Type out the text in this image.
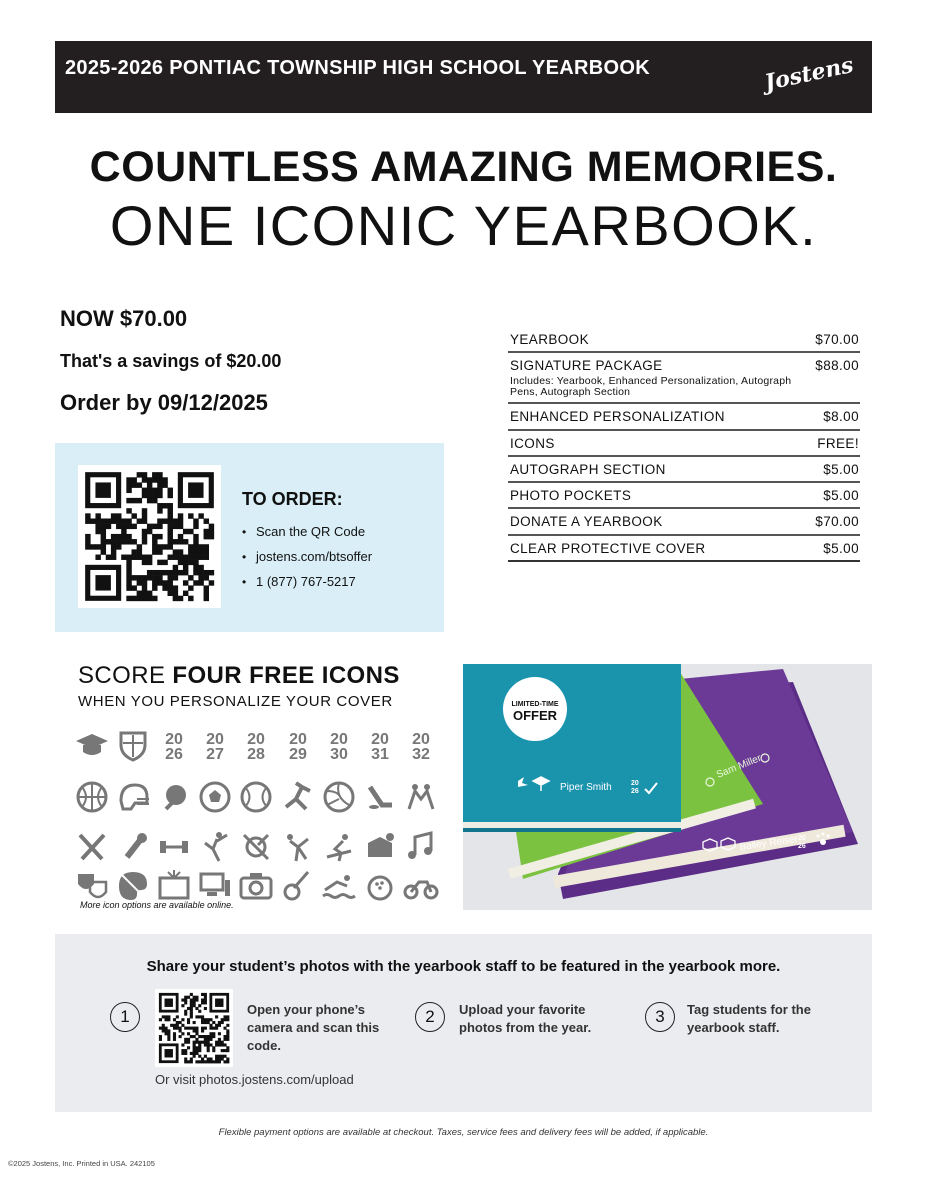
2025-2026 PONTIAC TOWNSHIP HIGH SCHOOL YEARBOOK	Jostens
COUNTLESS AMAZING MEMORIES.
ONE ICONIC YEARBOOK.
NOW $70.00
That's a savings of $20.00
Order by 09/12/2025
TO ORDER:
• Scan the QR Code
• jostens.com/btsoffer
• 1 (877) 767-5217
YEARBOOK	$70.00
SIGNATURE PACKAGE	$88.00
Includes: Yearbook, Enhanced Personalization, Autograph Pens, Autograph Section
ENHANCED PERSONALIZATION	$8.00
ICONS	FREE!
AUTOGRAPH SECTION	$5.00
PHOTO POCKETS	$5.00
DONATE A YEARBOOK	$70.00
CLEAR PROTECTIVE COVER	$5.00
SCORE FOUR FREE ICONS
WHEN YOU PERSONALIZE YOUR COVER
20
26
20
27
20
28
20
29
20
30
20
31
20
32
More icon options are available online.
LIMITED-TIME
OFFER
Piper Smith	20
26
Sam Miller
Bailey Reiser 20
26
Share your student’s photos with the yearbook staff to be featured in the yearbook more.
1	Open your phone’s camera and scan this code.
2	Upload your favorite photos from the year.
3	Tag students for the yearbook staff.
Or visit photos.jostens.com/upload
Flexible payment options are available at checkout. Taxes, service fees and delivery fees will be added, if applicable.
©2025 Jostens, Inc. Printed in USA. 242105
